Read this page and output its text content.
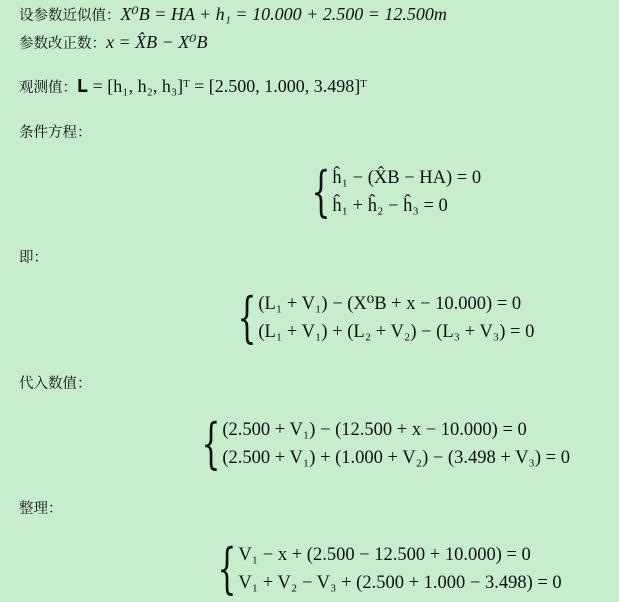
设参数近似值：X⁰B = HA + h₁ = 10.000 + 2.500 = 12.500m
参数改正数：x = X̂B − X⁰B
观测值：𝐋 = [h₁, h₂, h₃]ᵀ = [2.500, 1.000, 3.498]ᵀ
条件方程：
{ ĥ₁ − (X̂B − HA) = 0
ĥ₁ + ĥ₂ − ĥ₃ = 0
即：
{ (L₁ + V₁) − (X⁰B + x − 10.000) = 0
(L₁ + V₁) + (L₂ + V₂) − (L₃ + V₃) = 0
代入数值：
{ (2.500 + V₁) − (12.500 + x − 10.000) = 0
(2.500 + V₁) + (1.000 + V₂) − (3.498 + V₃) = 0
整理：
{ V₁ − x + (2.500 − 12.500 + 10.000) = 0
V₁ + V₂ − V₃ + (2.500 + 1.000 − 3.498) = 0
